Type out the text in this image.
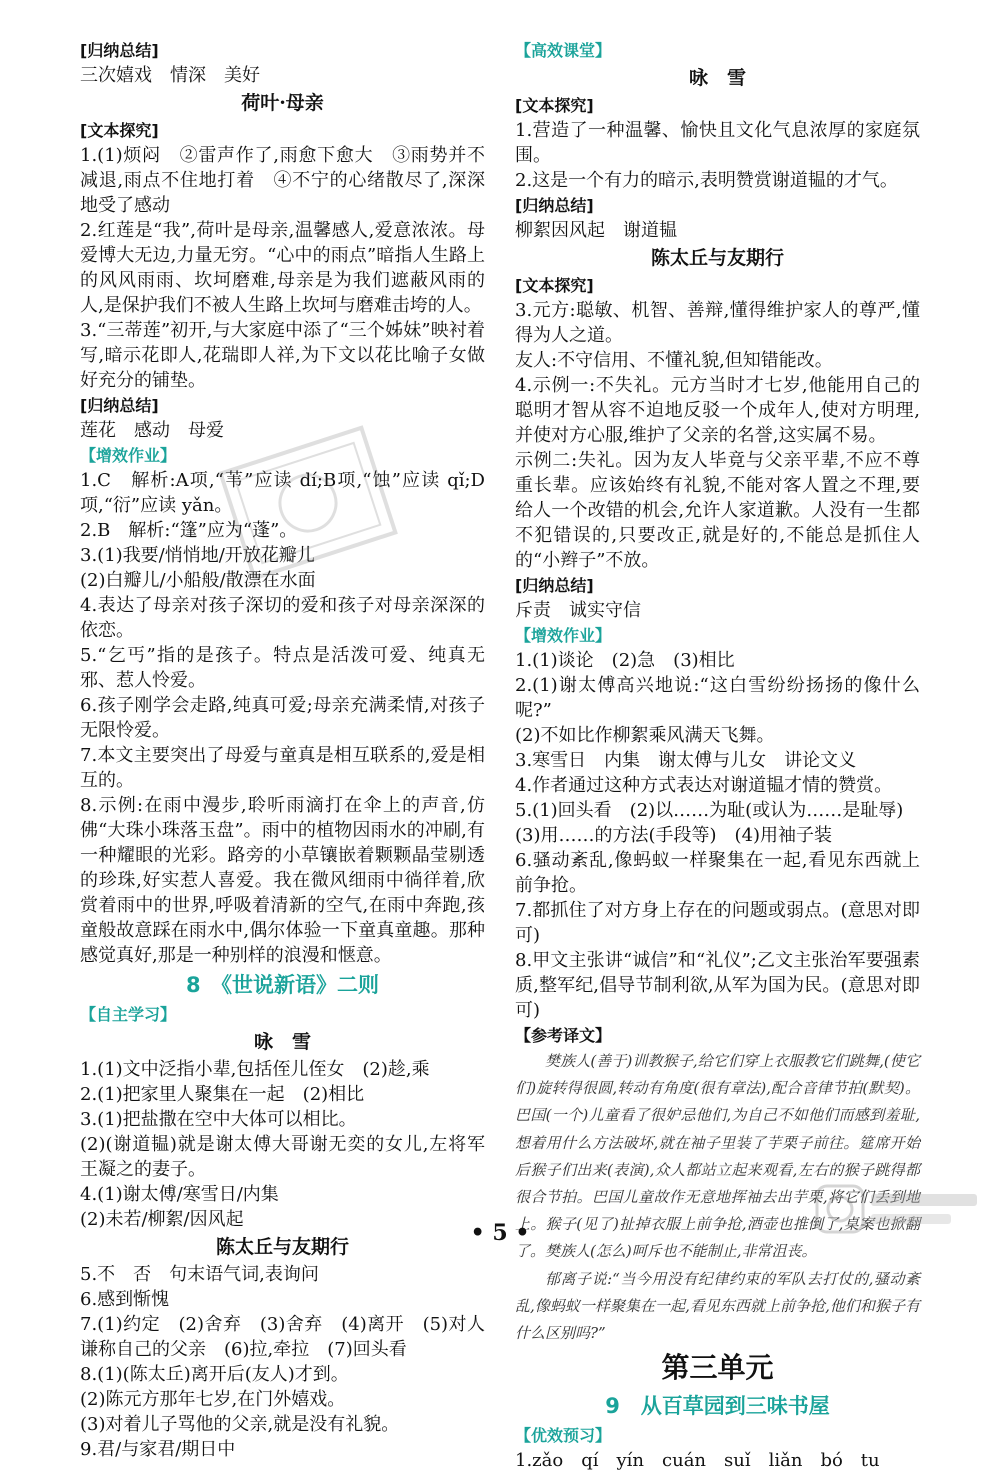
[归纳总结]
三次嬉戏　情深　美好
荷叶·母亲
[文本探究]
1.(1)烦闷　②雷声作了,雨愈下愈大　③雨势并不减退,雨点不住地打着　④不宁的心绪散尽了,深深地受了感动
2.红莲是“我”,荷叶是母亲,温馨感人,爱意浓浓。母爱博大无边,力量无穷。“心中的雨点”暗指人生路上的风风雨雨、坎坷磨难,母亲是为我们遮蔽风雨的人,是保护我们不被人生路上坎坷与磨难击垮的人。
3.“三蒂莲”初开,与大家庭中添了“三个姊妹”映衬着写,暗示花即人,花瑞即人祥,为下文以花比喻子女做好充分的铺垫。
[归纳总结]
莲花　感动　母爱
【增效作业】
1.C　解析:A项,“苇”应读 dí;B项,“蚀”应读 qǐ;D项,“衍”应读 yǎn。
2.B　解析:“篷”应为“蓬”。
3.(1)我要/悄悄地/开放花瓣儿
(2)白瓣儿/小船般/散漂在水面
4.表达了母亲对孩子深切的爱和孩子对母亲深深的依恋。
5.“乞丐”指的是孩子。特点是活泼可爱、纯真无邪、惹人怜爱。
6.孩子刚学会走路,纯真可爱;母亲充满柔情,对孩子无限怜爱。
7.本文主要突出了母爱与童真是相互联系的,爱是相互的。
8.示例:在雨中漫步,聆听雨滴打在伞上的声音,仿佛“大珠小珠落玉盘”。雨中的植物因雨水的冲刷,有一种耀眼的光彩。路旁的小草镶嵌着颗颗晶莹剔透的珍珠,好实惹人喜爱。我在微风细雨中徜徉着,欣赏着雨中的世界,呼吸着清新的空气,在雨中奔跑,孩童般故意踩在雨水中,偶尔体验一下童真童趣。那种感觉真好,那是一种别样的浪漫和惬意。
8　《世说新语》二则
【自主学习】
咏　雪
1.(1)文中泛指小辈,包括侄儿侄女　(2)趁,乘
2.(1)把家里人聚集在一起　(2)相比
3.(1)把盐撒在空中大体可以相比。
(2)(谢道韫)就是谢太傅大哥谢无奕的女儿,左将军王凝之的妻子。
4.(1)谢太傅/寒雪日/内集
(2)未若/柳絮/因风起
陈太丘与友期行
5.不　否　句末语气词,表询问
6.感到惭愧
7.(1)约定　(2)舍弃　(3)舍弃　(4)离开　(5)对人谦称自己的父亲　(6)拉,牵拉　(7)回头看
8.(1)(陈太丘)离开后(友人)才到。
(2)陈元方那年七岁,在门外嬉戏。
(3)对着儿子骂他的父亲,就是没有礼貌。
9.君/与家君/期日中
【高效课堂】
咏　雪
[文本探究]
1.营造了一种温馨、愉快且文化气息浓厚的家庭氛围。
2.这是一个有力的暗示,表明赞赏谢道韫的才气。
[归纳总结]
柳絮因风起　谢道韫
陈太丘与友期行
[文本探究]
3.元方:聪敏、机智、善辩,懂得维护家人的尊严,懂得为人之道。
友人:不守信用、不懂礼貌,但知错能改。
4.示例一:不失礼。元方当时才七岁,他能用自己的聪明才智从容不迫地反驳一个成年人,使对方明理,并使对方心服,维护了父亲的名誉,这实属不易。
示例二:失礼。因为友人毕竟与父亲平辈,不应不尊重长辈。应该始终有礼貌,不能对客人置之不理,要给人一个改错的机会,允许人家道歉。人没有一生都不犯错误的,只要改正,就是好的,不能总是抓住人的“小辫子”不放。
[归纳总结]
斥责　诚实守信
【增效作业】
1.(1)谈论　(2)急　(3)相比
2.(1)谢太傅高兴地说:“这白雪纷纷扬扬的像什么呢?”
(2)不如比作柳絮乘风满天飞舞。
3.寒雪日　内集　谢太傅与儿女　讲论文义
4.作者通过这种方式表达对谢道韫才情的赞赏。
5.(1)回头看　(2)以……为耻(或认为……是耻辱)
(3)用……的方法(手段等)　(4)用袖子装
6.骚动紊乱,像蚂蚁一样聚集在一起,看见东西就上前争抢。
7.都抓住了对方身上存在的问题或弱点。(意思对即可)
8.甲文主张讲“诚信”和“礼仪”;乙文主张治军要强素质,整军纪,倡导节制利欲,从军为国为民。(意思对即可)
【参考译文】
樊族人(善于)训教猴子,给它们穿上衣服教它们跳舞,(使它们)旋转得很圆,转动有角度(很有章法),配合音律节拍(默契)。巴国(一个)儿童看了很妒忌他们,为自己不如他们而感到羞耻,想着用什么方法破坏,就在袖子里装了芋栗子前往。筵席开始后猴子们出来(表演),众人都站立起来观看,左右的猴子跳得都很合节拍。巴国儿童故作无意地挥袖去出芋栗,将它们丢到地上。猴子(见了)扯掉衣服上前争抢,酒壶也推倒了,桌案也掀翻了。樊族人(怎么)呵斥也不能制止,非常沮丧。
郁离子说:“当今用没有纪律约束的军队去打仗的,骚动紊乱,像蚂蚁一样聚集在一起,看见东西就上前争抢,他们和猴子有什么区别吗?”
第三单元
9　从百草园到三味书屋
【优效预习】
1.zǎo　qí　yín　cuán　suǐ　liǎn　bó　tu
• 5 •
